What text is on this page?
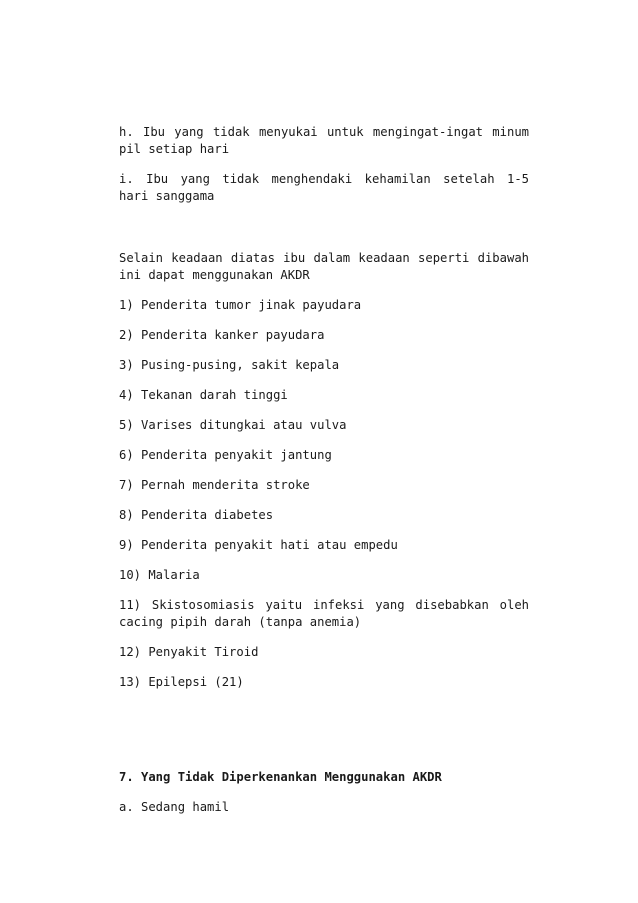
h. Ibu yang tidak menyukai untuk mengingat-ingat minum pil setiap hari

i. Ibu yang tidak menghendaki kehamilan setelah 1-5 hari sanggama

Selain keadaan diatas ibu dalam keadaan seperti dibawah ini dapat menggunakan AKDR

1) Penderita tumor jinak payudara

2) Penderita kanker payudara

3) Pusing-pusing, sakit kepala

4) Tekanan darah tinggi

5) Varises ditungkai atau vulva

6) Penderita penyakit jantung

7) Pernah menderita stroke

8) Penderita diabetes

9) Penderita penyakit hati atau empedu

10) Malaria

11) Skistosomiasis yaitu infeksi yang disebabkan oleh cacing pipih darah (tanpa anemia)

12) Penyakit Tiroid

13) Epilepsi (21)

7. Yang Tidak Diperkenankan Menggunakan AKDR

a. Sedang hamil
